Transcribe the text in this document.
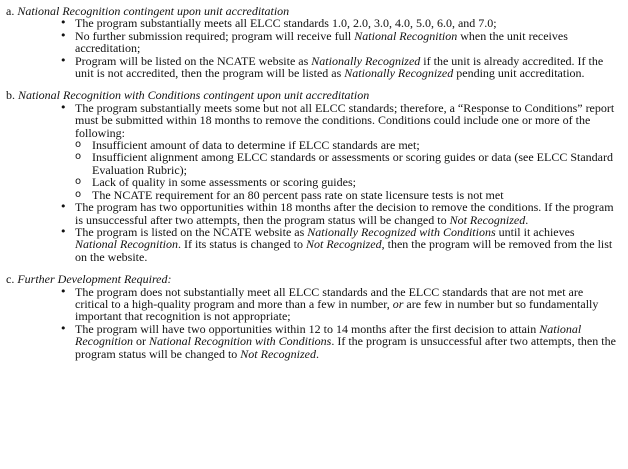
a. National Recognition contingent upon unit accreditation

• The program substantially meets all ELCC standards 1.0, 2.0, 3.0, 4.0, 5.0, 6.0, and 7.0;
• No further submission required; program will receive full National Recognition when the unit receives accreditation;
• Program will be listed on the NCATE website as Nationally Recognized if the unit is already accredited. If the unit is not accredited, then the program will be listed as Nationally Recognized pending unit accreditation.

b. National Recognition with Conditions contingent upon unit accreditation

• The program substantially meets some but not all ELCC standards; therefore, a “Response to Conditions” report must be submitted within 18 months to remove the conditions. Conditions could include one or more of the following:
o Insufficient amount of data to determine if ELCC standards are met;
o Insufficient alignment among ELCC standards or assessments or scoring guides or data (see ELCC Standard Evaluation Rubric);
o Lack of quality in some assessments or scoring guides;
o The NCATE requirement for an 80 percent pass rate on state licensure tests is not met
• The program has two opportunities within 18 months after the decision to remove the conditions. If the program is unsuccessful after two attempts, then the program status will be changed to Not Recognized.
• The program is listed on the NCATE website as Nationally Recognized with Conditions until it achieves National Recognition. If its status is changed to Not Recognized, then the program will be removed from the list on the website.

c. Further Development Required:

• The program does not substantially meet all ELCC standards and the ELCC standards that are not met are critical to a high-quality program and more than a few in number, or are few in number but so fundamentally important that recognition is not appropriate;
• The program will have two opportunities within 12 to 14 months after the first decision to attain National Recognition or National Recognition with Conditions. If the program is unsuccessful after two attempts, then the program status will be changed to Not Recognized.
